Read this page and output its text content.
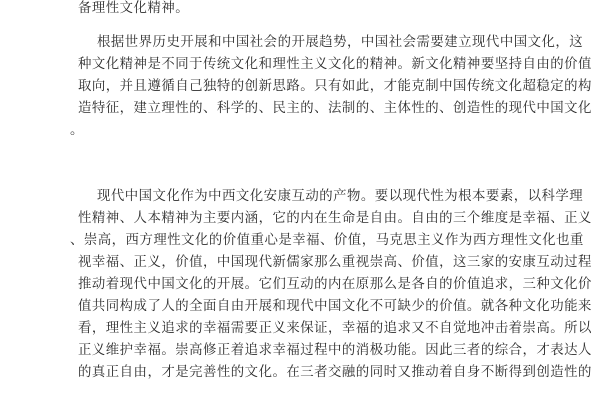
备理性文化精神。
根据世界历史开展和中国社会的开展趋势，中国社会需要建立现代中国文化，这
种文化精神是不同于传统文化和理性主义文化的精神。新文化精神要坚持自由的价值
取向，并且遵循自己独特的创新思路。只有如此，才能克制中国传统文化超稳定的构
造特征，建立理性的、科学的、民主的、法制的、主体性的、创造性的现代中国文化
。
现代中国文化作为中西文化安康互动的产物。要以现代性为根本要素，以科学理
性精神、人本精神为主要内涵，它的内在生命是自由。自由的三个维度是幸福、正义
、崇高，西方理性文化的价值重心是幸福、价值，马克思主义作为西方理性文化也重
视幸福、正义，价值，中国现代新儒家那么重视崇高、价值，这三家的安康互动过程
推动着现代中国文化的开展。它们互动的内在原那么是各自的价值追求，三种文化价
值共同构成了人的全面自由开展和现代中国文化不可缺少的价值。就各种文化功能来
看，理性主义追求的幸福需要正义来保证，幸福的追求又不自觉地冲击着崇高。所以
正义维护幸福。崇高修正着追求幸福过程中的消极功能。因此三者的综合，才表达人
的真正自由，才是完善性的文化。在三者交融的同时又推动着自身不断得到创造性的
